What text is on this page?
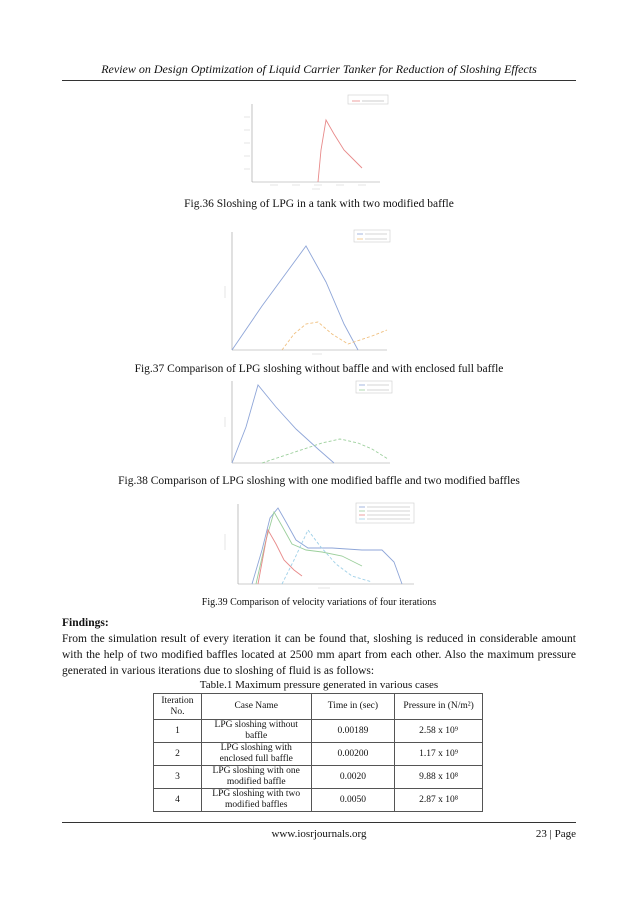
Review on Design Optimization of Liquid Carrier Tanker for Reduction of Sloshing Effects
Fig.36 Sloshing of LPG in a tank with two modified baffle
Fig.37 Comparison of LPG sloshing without baffle and with enclosed full baffle
Fig.38 Comparison of LPG sloshing with one modified baffle and two modified baffles
Fig.39 Comparison of velocity variations of four iterations
Findings:
From the simulation result of every iteration it can be found that, sloshing is reduced in considerable amount with the help of two modified baffles located at 2500 mm apart from each other. Also the maximum pressure generated in various iterations due to sloshing of fluid is as follows:
Table.1 Maximum pressure generated in various cases
Iteration No.	Case Name	Time in (sec)	Pressure in (N/m²)
1	LPG sloshing without baffle	0.00189	2.58 x 10⁹
2	LPG sloshing with enclosed full baffle	0.00200	1.17 x 10⁹
3	LPG sloshing with one modified baffle	0.0020	9.88 x 10⁸
4	LPG sloshing with two modified baffles	0.0050	2.87 x 10⁸
www.iosrjournals.org	23 | Page
